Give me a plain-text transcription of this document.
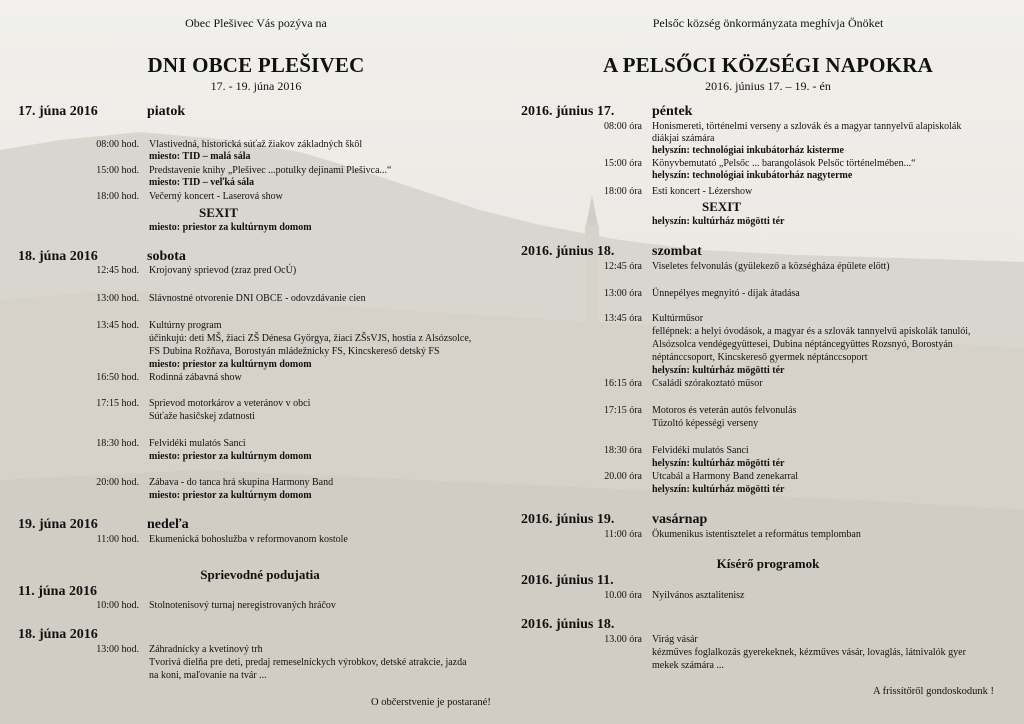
Obec Plešivec Vás pozýva na
DNI OBCE PLEŠIVEC
17. - 19. júna 2016
17. júna 2016	piatok
08:00 hod. Vlastivedná, historická súťaž žiakov základných škôl
miesto: TID – malá sála
15:00 hod. Predstavenie knihy „Plešivec ...potulky dejinami Plešivca...“
miesto: TID – veľká sála
18:00 hod. Večerný koncert - Laserová show
SEXIT
miesto: priestor za kultúrnym domom
18. júna 2016	sobota
12:45 hod. Krojovaný sprievod (zraz pred OcÚ)
13:00 hod. Slávnostné otvorenie DNI OBCE - odovzdávanie cien
13:45 hod. Kultúrny program
účinkujú: deti MŠ, žiaci ZŠ Dénesa Györgya, žiaci ZŠsVJS, hostia z Alsózsolce,
FS Dubina Rožňava, Borostyán mládežnícky FS, Kincskereső detský FS
miesto: priestor za kultúrnym domom
16:50 hod. Rodinná zábavná show
17:15 hod. Sprievod motorkárov a veteránov v obci
Súťaže hasičskej zdatnosti
18:30 hod. Felvidéki mulatós Sanci
miesto: priestor za kultúrnym domom
20:00 hod. Zábava - do tanca hrá skupina Harmony Band
miesto: priestor za kultúrnym domom
19. júna 2016	nedeľa
11:00 hod. Ekumenická bohoslužba v reformovanom kostole
Sprievodné podujatia
11. júna 2016
10:00 hod. Stolnotenisový turnaj neregistrovaných hráčov
18. júna 2016
13:00 hod. Záhradnícky a kvetinový trh
Tvorivá dielňa pre deti, predaj remeselníckych výrobkov, detské atrakcie, jazda
na koni, maľovanie na tvár ...
O občerstvenie je postarané!
Pelsőc község önkormányzata meghívja Önöket
A PELSŐCI KÖZSÉGI NAPOKRA
2016. június 17. – 19. - én
2016. június 17.	péntek
08:00 óra Honismereti, történelmi verseny a szlovák és a magyar tannyelvű alapiskolák
diákjai számára
helyszín: technológiai inkubátorház kisterme
15:00 óra Könyvbemutató „Pelsőc ... barangolások Pelsőc történelmében...“
helyszín: technológiai inkubátorház nagyterme
18:00 óra Esti koncert - Lézershow
SEXIT
helyszín: kultúrház mögötti tér
2016. június 18.	szombat
12:45 óra Viseletes felvonulás (gyülekező a községháza épülete elött)
13:00 óra Ünnepélyes megnyitó - díjak átadása
13:45 óra Kultúrműsor
fellépnek: a helyi óvodások, a magyar és a szlovák tannyelvű apiskolák tanulói,
Alsózsolca vendégegyüttesei, Dubina néptáncegyüttes Rozsnyó, Borostyán
néptánccsoport, Kincskereső gyermek néptánccsoport
helyszín: kultúrház mögötti tér
16:15 óra Családi szórakoztató műsor
17:15 óra Motoros és veterán autós felvonulás
Tűzoltó képességi verseny
18:30 óra Felvidéki mulatós Sanci
helyszín: kultúrház mögötti tér
20.00 óra Utcabál a Harmony Band zenekarral
helyszín: kultúrház mögötti tér
2016. június 19.	vasárnap
11:00 óra Ökumenikus istentisztelet a református templomban
Kísérő programok
2016. június 11.
10.00 óra Nyilvános asztalitenisz
2016. június 18.
13.00 óra Virág vásár
kézműves foglalkozás gyerekeknek, kézműves vásár, lovaglás, látnivalók gyer
mekek számára ...
A frissítőről gondoskodunk !
